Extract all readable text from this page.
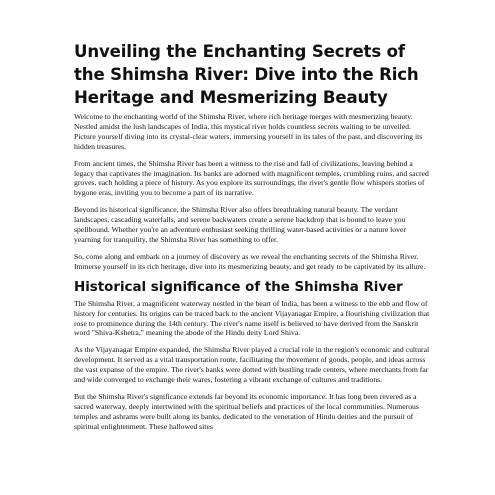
Unveiling the Enchanting Secrets of the Shimsha River: Dive into the Rich Heritage and Mesmerizing Beauty

Welcome to the enchanting world of the Shimsha River, where rich heritage merges with mesmerizing beauty. Nestled amidst the lush landscapes of India, this mystical river holds countless secrets waiting to be unveiled. Picture yourself diving into its crystal-clear waters, immersing yourself in its tales of the past, and discovering its hidden treasures.

From ancient times, the Shimsha River has been a witness to the rise and fall of civilizations, leaving behind a legacy that captivates the imagination. Its banks are adorned with magnificent temples, crumbling ruins, and sacred groves, each holding a piece of history. As you explore its surroundings, the river's gentle flow whispers stories of bygone eras, inviting you to become a part of its narrative.

Beyond its historical significance, the Shimsha River also offers breathtaking natural beauty. The verdant landscapes, cascading waterfalls, and serene backwaters create a serene backdrop that is bound to leave you spellbound. Whether you're an adventure enthusiast seeking thrilling water-based activities or a nature lover yearning for tranquility, the Shimsha River has something to offer.

So, come along and embark on a journey of discovery as we reveal the enchanting secrets of the Shimsha River. Immerse yourself in its rich heritage, dive into its mesmerizing beauty, and get ready to be captivated by its allure.

Historical significance of the Shimsha River

The Shimsha River, a magnificent waterway nestled in the heart of India, has been a witness to the ebb and flow of history for centuries. Its origins can be traced back to the ancient Vijayanagar Empire, a flourishing civilization that rose to prominence during the 14th century. The river's name itself is believed to have derived from the Sanskrit word "Shiva-Kshetra," meaning the abode of the Hindu deity Lord Shiva.

As the Vijayanagar Empire expanded, the Shimsha River played a crucial role in the region's economic and cultural development. It served as a vital transportation route, facilitating the movement of goods, people, and ideas across the vast expanse of the empire. The river's banks were dotted with bustling trade centers, where merchants from far and wide converged to exchange their wares, fostering a vibrant exchange of cultures and traditions.

But the Shimsha River's significance extends far beyond its economic importance. It has long been revered as a sacred waterway, deeply intertwined with the spiritual beliefs and practices of the local communities. Numerous temples and ashrams were built along its banks, dedicated to the veneration of Hindu deities and the pursuit of spiritual enlightenment. These hallowed sites
